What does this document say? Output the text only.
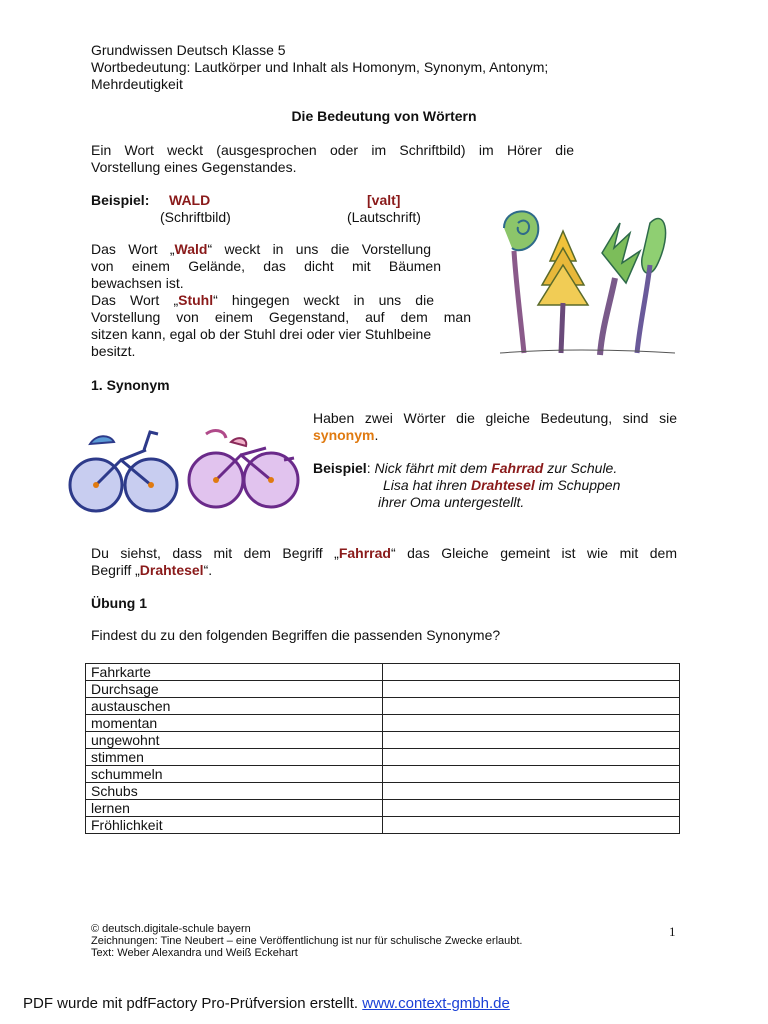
Grundwissen Deutsch Klasse 5
Wortbedeutung: Lautkörper und Inhalt als Homonym, Synonym, Antonym;
Mehrdeutigkeit
Die Bedeutung von Wörtern
Ein Wort weckt (ausgesprochen oder im Schriftbild) im Hörer die
Vorstellung eines Gegenstandes.
Beispiel: WALD	[valt]
(Schriftbild)	(Lautschrift)
Das Wort „Wald“ weckt in uns die Vorstellung
von einem Gelände, das dicht mit Bäumen
bewachsen ist.
Das Wort „Stuhl“ hingegen weckt in uns die
Vorstellung von einem Gegenstand, auf dem man
sitzen kann, egal ob der Stuhl drei oder vier Stuhlbeine
besitzt.
1. Synonym
Haben zwei Wörter die gleiche Bedeutung, sind sie
synonym.
Beispiel: Nick fährt mit dem Fahrrad zur Schule.
Lisa hat ihren Drahtesel im Schuppen
ihrer Oma untergestellt.
Du siehst, dass mit dem Begriff „Fahrrad“ das Gleiche gemeint ist wie mit dem
Begriff „Drahtesel“.
Übung 1
Findest du zu den folgenden Begriffen die passenden Synonyme?
Fahrkarte	
Durchsage	
austauschen	
momentan	
ungewohnt	
stimmen	
schummeln	
Schubs	
lernen	
Fröhlichkeit	
© deutsch.digitale-schule bayern
Zeichnungen: Tine Neubert – eine Veröffentlichung ist nur für schulische Zwecke erlaubt.
Text: Weber Alexandra und Weiß Eckehart
1
PDF wurde mit pdfFactory Pro-Prüfversion erstellt. www.context-gmbh.de
